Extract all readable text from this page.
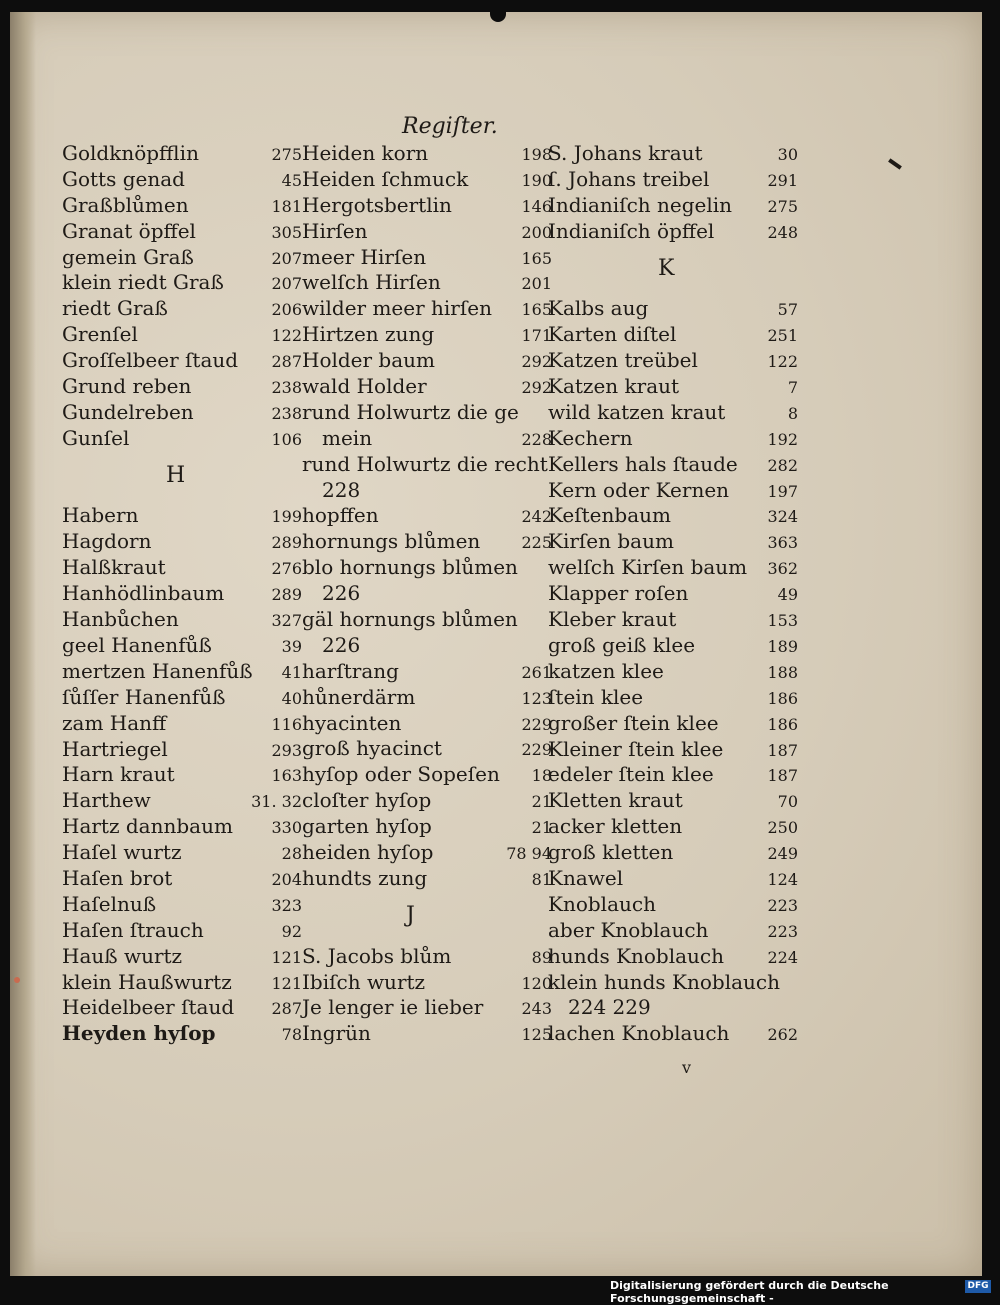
Regiſter.
Goldknöpfflin	275
Gotts genad	45
Graßblůmen	181
Granat öpffel	305
gemein Graß	207
klein riedt Graß	207
riedt Graß	206
Grenſel	122
Groſſelbeer ſtaud 287
Grund reben	238
Gundelreben	238
Gunſel	106
H
Habern	199
Hagdorn	289
Halßkraut	276
Hanhödlinbaum	289
Hanbůchen	327
geel Hanenfůß	39
mertzen Hanenfůß 41
ſůſſer Hanenfůß	40
zam Hanff	116
Hartriegel	293
Harn kraut	163
Harthew	31. 32
Hartz dannbaum 330
Haſel wurtz	28
Haſen brot	204
Haſelnuß	323
Haſen ſtrauch	92
Hauß wurtz	121
klein Haußwurtz 121
Heidelbeer ſtaud 287
Heyden hyſop	78
Heiden korn	198
Heiden ſchmuck	190
Hergotsbertlin	146
Hirſen	200
meer Hirſen	165
welſch Hirſen	201
wilder meer hirſen 165
Hirtzen zung	171
Holder baum	292
wald Holder	292
rund Holwurtz die ge
mein	228
rund Holwurtz die recht
228
hopffen	242
hornungs blůmen	225
blo hornungs blůmen
226
gäl hornungs blůmen
226
harſtrang	261
hůnerdärm	123
hyacinten	229
groß hyacinct	229
hyſop oder Sopeſen 18
cloſter hyſop	21
garten hyſop	21
heiden hyſop	78 94
hundts zung	81
J
S. Jacobs blům	89
Ibiſch wurtz	120
Je lenger ie lieber 243
Ingrün	125
S. Johans kraut	30
ſ. Johans treibel	291
Indianiſch negelin 275
Indianiſch öpffel	248
K
Kalbs aug	57
Karten diſtel	251
Katzen treübel	122
Katzen kraut	7
wild katzen kraut	8
Kechern	192
Kellers hals ſtaude 282
Kern oder Kernen 197
Keſtenbaum	324
Kirſen baum	363
welſch Kirſen baum 362
Klapper roſen	49
Kleber kraut	153
groß geiß klee	189
katzen klee	188
ſtein klee	186
großer ſtein klee	186
Kleiner ſtein klee	187
edeler ſtein klee	187
Kletten kraut	70
acker kletten	250
groß kletten	249
Knawel	124
Knoblauch	223
aber Knoblauch	223
hunds Knoblauch	224
klein hunds Knoblauch
224 229
lachen Knoblauch 262
v
Digitalisierung gefördert durch die Deutsche Forschungsgemeinschaft -
DFG
